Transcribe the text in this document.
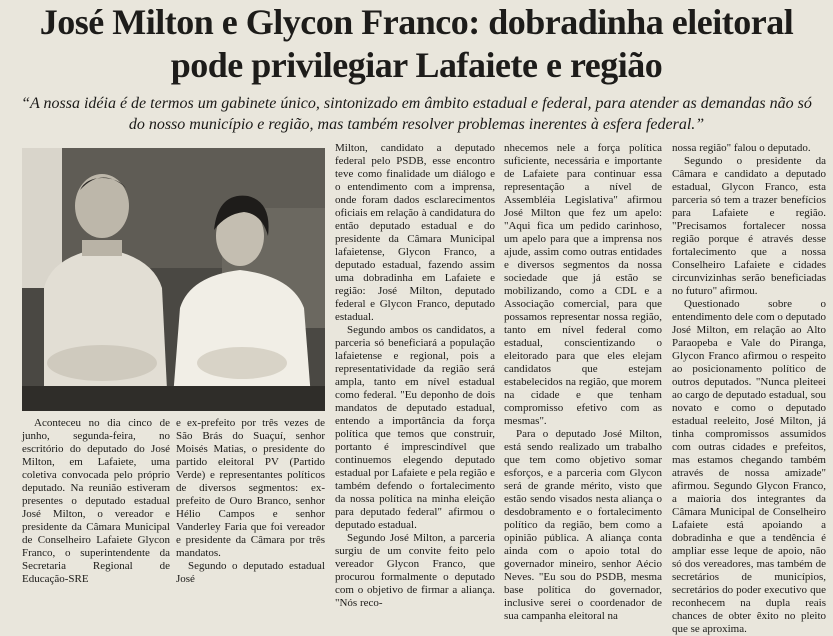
José Milton e Glycon Franco: dobradinha eleitoral
pode privilegiar Lafaiete e região

“A nossa idéia é de termos um gabinete único, sintonizado em âmbito estadual e federal, para atender as demandas não só do nosso município e região, mas também resolver problemas inerentes à esfera federal.”

Aconteceu no dia cinco de junho, segunda-feira, no escritório do deputado do José Milton, em Lafaiete, uma coletiva convocada pelo próprio deputado. Na reunião estiveram presentes o deputado estadual José Milton, o vereador e presidente da Câmara Municipal de Conselheiro Lafaiete Glycon Franco, o superintendente da Secretaria Regional de Educação-SRE

e ex-prefeito por três vezes de São Brás do Suaçuí, senhor Moisés Matias, o presidente do partido eleitoral PV (Partido Verde) e representantes políticos de diversos segmentos: ex-prefeito de Ouro Branco, senhor Hélio Campos e senhor Vanderley Faria que foi vereador e presidente da Câmara por três mandatos.

Segundo o deputado estadual José

Milton, candidato a deputado federal pelo PSDB, esse encontro teve como finalidade um diálogo e o entendimento com a imprensa, onde foram dados esclarecimentos oficiais em relação à candidatura do então deputado estadual e do presidente da Câmara Municipal lafaietense, Glycon Franco, a deputado estadual, fazendo assim uma dobradinha em Lafaiete e região: José Milton, deputado federal e Glycon Franco, deputado estadual.

Segundo ambos os candidatos, a parceria só beneficiará a população lafaietense e regional, pois a representatividade da região será ampla, tanto em nível estadual como federal. "Eu deponho de dois mandatos de deputado estadual, entendo a importância da força política que temos que construir, portanto é imprescindível que continuemos elegendo deputado estadual por Lafaiete e pela região e também defendo o fortalecimento da nossa política na minha eleição para deputado federal" afirmou o deputado estadual.

Segundo José Milton, a parceria surgiu de um convite feito pelo vereador Glycon Franco, que procurou formalmente o deputado com o objetivo de firmar a aliança. "Nós reco-

nhecemos nele a força política suficiente, necessária e importante de Lafaiete para continuar essa representação a nível de Assembléia Legislativa" afirmou José Milton que fez um apelo: "Aqui fica um pedido carinhoso, um apelo para que a imprensa nos ajude, assim como outras entidades e diversos segmentos da nossa sociedade que já estão se mobilizando, como a CDL e a Associação comercial, para que possamos representar nossa região, tanto em nível federal como estadual, conscientizando o eleitorado para que eles elejam candidatos que estejam estabelecidos na região, que morem na cidade e que tenham compromisso efetivo com as mesmas".

Para o deputado José Milton, está sendo realizado um trabalho que tem como objetivo somar esforços, e a parceria com Glycon será de grande mérito, visto que estão sendo visados nesta aliança o desdobramento e o fortalecimento político da região, bem como a opinião pública. A aliança conta ainda com o apoio total do governador mineiro, senhor Aécio Neves. "Eu sou do PSDB, mesma base política do governador, inclusive serei o coordenador de sua campanha eleitoral na

nossa região" falou o deputado.

Segundo o presidente da Câmara e candidato a deputado estadual, Glycon Franco, esta parceria só tem a trazer benefícios para Lafaiete e região. "Precisamos fortalecer nossa região porque é através desse fortalecimento que a nossa Conselheiro Lafaiete e cidades circunvizinhas serão beneficiadas no futuro" afirmou.

Questionado sobre o entendimento dele com o deputado José Milton, em relação ao Alto Paraopeba e Vale do Piranga, Glycon Franco afirmou o respeito ao posicionamento político de outros deputados. "Nunca pleiteei ao cargo de deputado estadual, sou novato e como o deputado estadual reeleito, José Milton, já tinha compromissos assumidos com outras cidades e prefeitos, mas estamos chegando também através de nossa amizade" afirmou. Segundo Glycon Franco, a maioria dos integrantes da Câmara Municipal de Conselheiro Lafaiete está apoiando a dobradinha e que a tendência é ampliar esse leque de apoio, não só dos vereadores, mas também de secretários de municípios, secretários do poder executivo que reconhecem na dupla reais chances de obter êxito no pleito que se aproxima.
